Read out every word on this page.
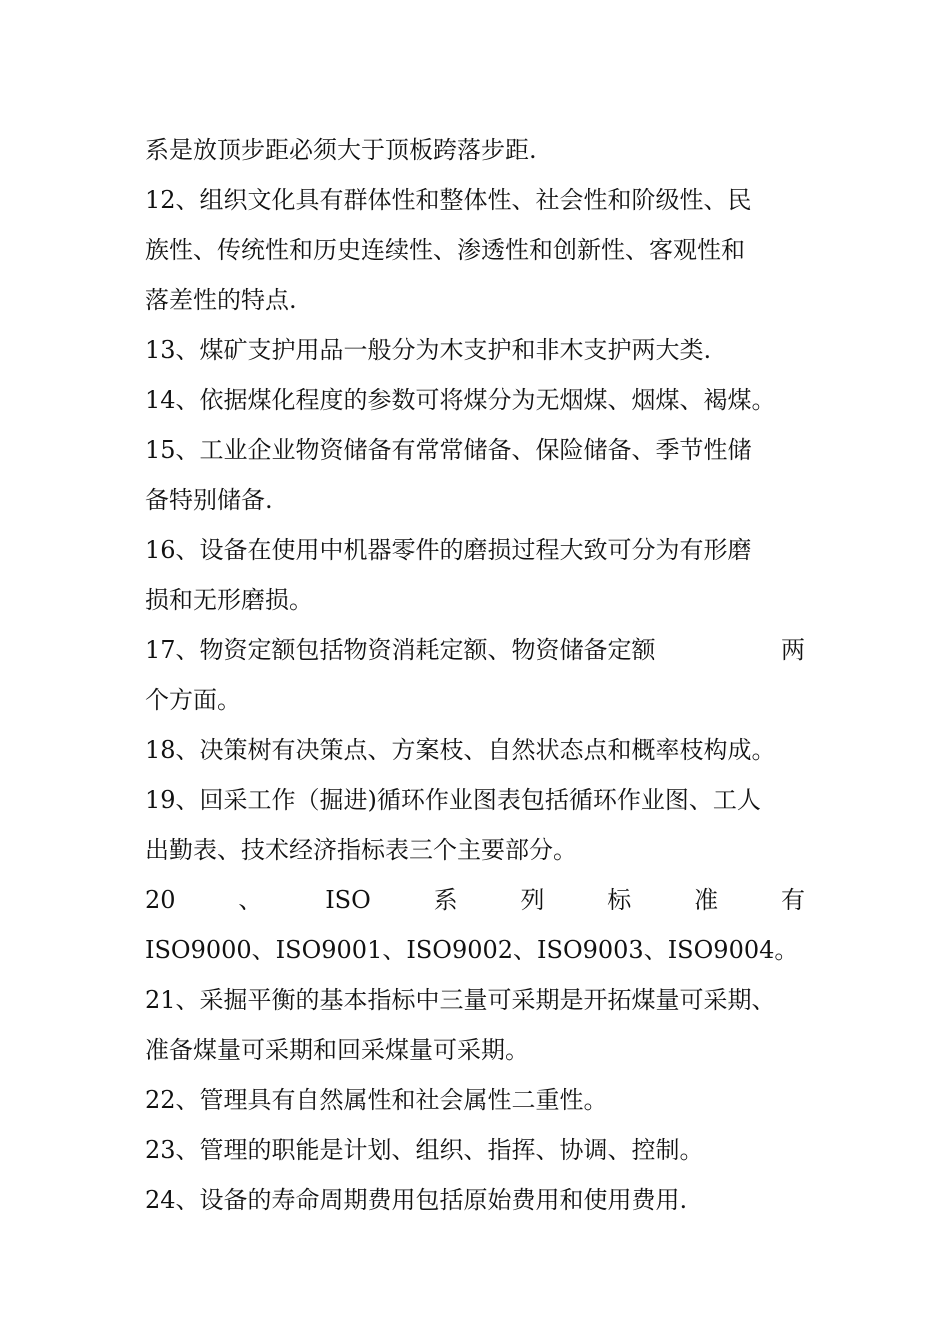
系是放顶步距必须大于顶板跨落步距.
12、组织文化具有群体性和整体性、社会性和阶级性、民
族性、传统性和历史连续性、渗透性和创新性、客观性和
落差性的特点.
13、煤矿支护用品一般分为木支护和非木支护两大类.
14、依据煤化程度的参数可将煤分为无烟煤、烟煤、褐煤。
15、工业企业物资储备有常常储备、保险储备、季节性储
备特别储备.
16、设备在使用中机器零件的磨损过程大致可分为有形磨
损和无形磨损。
17、物资定额包括物资消耗定额、物资储备定额	两
个方面。
18、决策树有决策点、方案枝、自然状态点和概率枝构成。
19、回采工作（掘进)循环作业图表包括循环作业图、工人
出勤表、技术经济指标表三个主要部分。
20	、	ISO	系	列	标	准	有
ISO9000、ISO9001、ISO9002、ISO9003、ISO9004。
21、采掘平衡的基本指标中三量可采期是开拓煤量可采期、
准备煤量可采期和回采煤量可采期。
22、管理具有自然属性和社会属性二重性。
23、管理的职能是计划、组织、指挥、协调、控制。
24、设备的寿命周期费用包括原始费用和使用费用.
